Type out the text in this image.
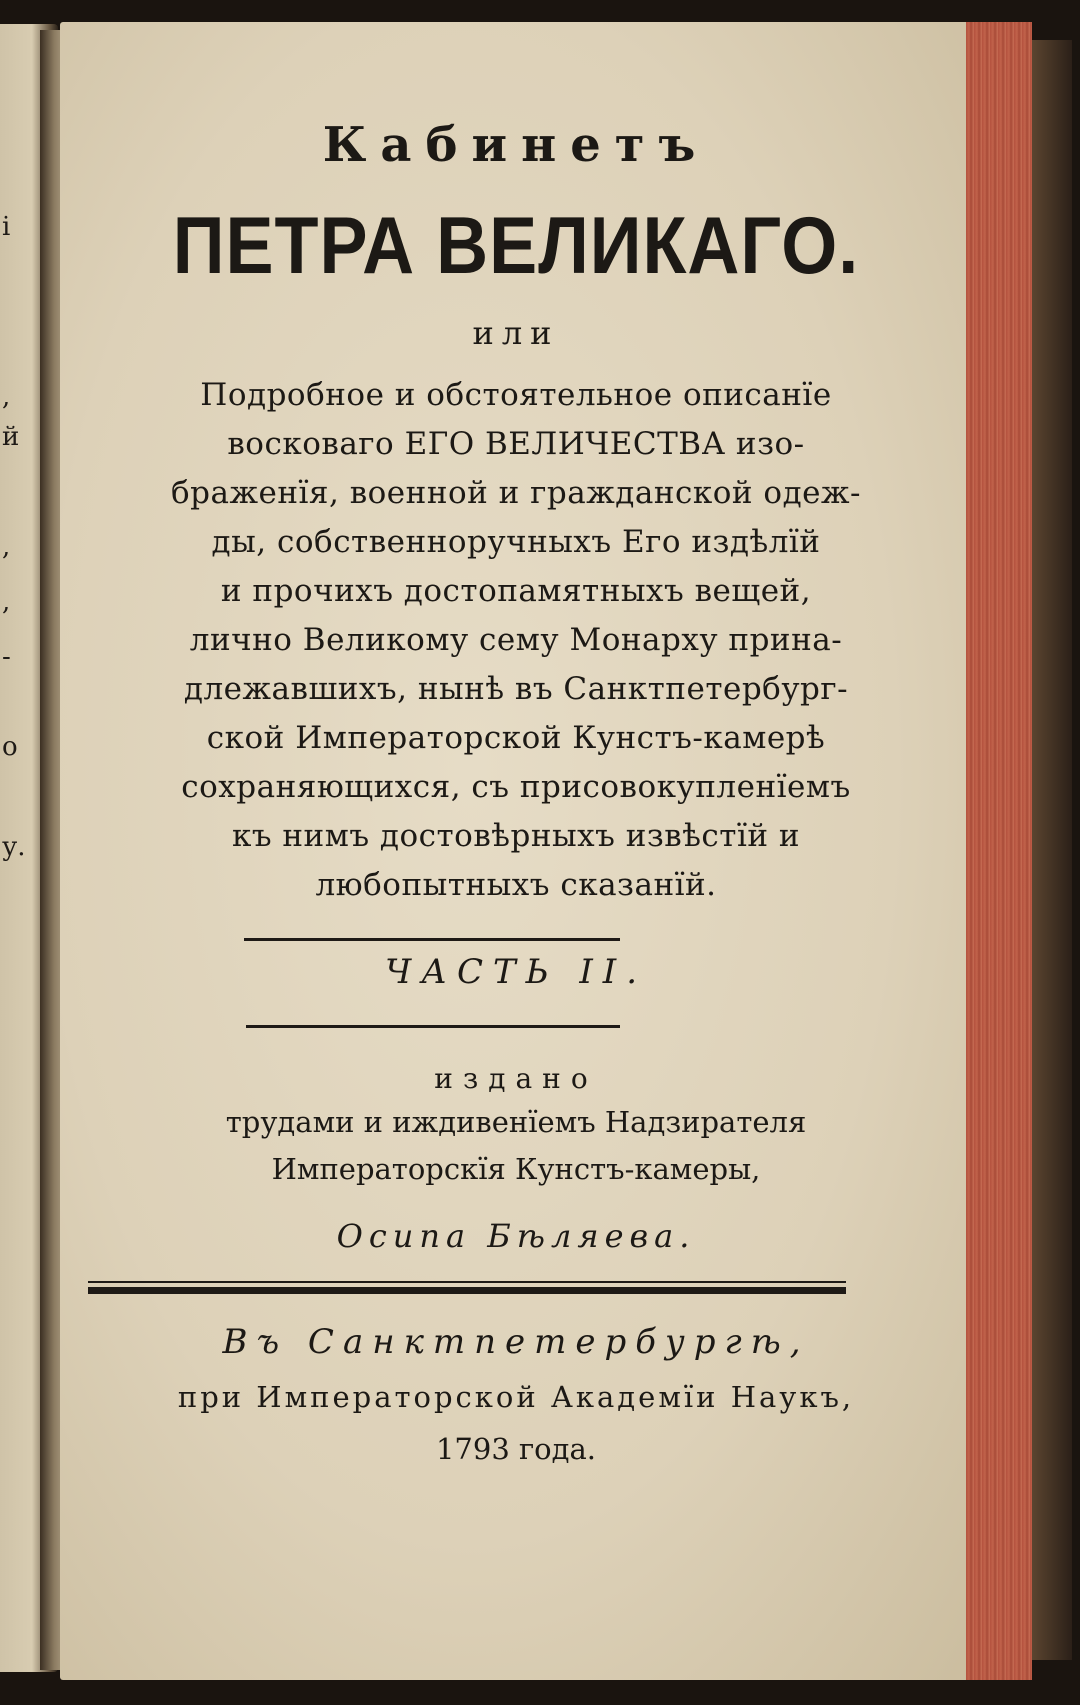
і
,
й
,
,
-
о
у.
Кабинетъ
ПЕТРА ВЕЛИКАГО.
или
Подробное и обстоятельное описанїе
восковаго ЕГО ВЕЛИЧЕСТВА изо-
браженїя, военной и гражданской одеж-
ды, собственноручныхъ Его издѣлїй
и прочихъ достопамятныхъ вещей,
лично Великому сему Монарху прина-
длежавшихъ, нынѣ въ Санктпетербург-
ской Императорской Кунстъ-камерѣ
сохраняющихся, съ присовокупленїемъ
къ нимъ достовѣрныхъ извѣстїй и
любопытныхъ сказанїй.
ЧАСТЬ II.
издано
трудами и иждивенїемъ Надзирателя
Императорскїя Кунстъ-камеры,
Осипа Бѣляева.
Въ Санктпетербургѣ,
при Императорской Академїи Наукъ,
1793 года.
